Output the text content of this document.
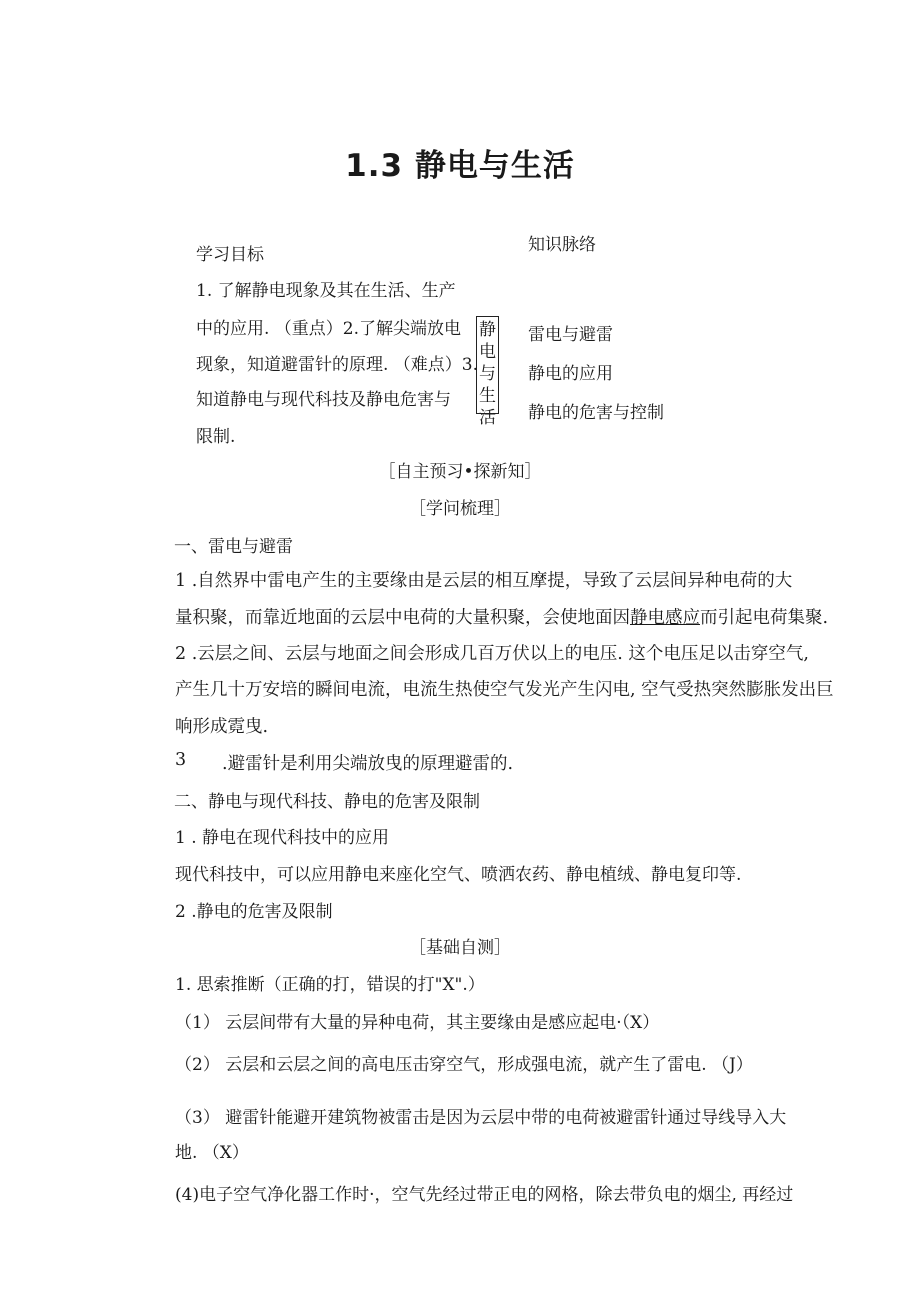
1.3 静电与生活
学习目标
1. 了解静电现象及其在生活、生产
中的应用. （重点）2.了解尖端放电
现象，知道避雷针的原理. （难点）3.
知道静电与现代科技及静电危害与
限制.
知识脉络
静电与生活
雷电与避雷
静电的应用
静电的危害与控制
［自主预习•探新知］
［学问梳理］
一、雷电与避雷
1 .自然界中雷电产生的主要缘由是云层的相互摩提，导致了云层间异种电荷的大
量积聚，而靠近地面的云层中电荷的大量积聚，会使地面因静电感应而引起电荷集聚.
2 .云层之间、云层与地面之间会形成几百万伏以上的电压. 这个电压足以击穿空气,
产生几十万安培的瞬间电流，电流生热使空气发光产生闪电, 空气受热突然膨胀发出巨
响形成霓曳.
3 .避雷针是利用尖端放曳的原理避雷的.
二、静电与现代科技、静电的危害及限制
1 . 静电在现代科技中的应用
现代科技中，可以应用静电来座化空气、喷洒农药、静电植绒、静电复印等.
2 .静电的危害及限制
［基础自测］
1. 思索推断（正确的打，错误的打"X".）
（1） 云层间带有大量的异种电荷，其主要缘由是感应起电·（X）
（2） 云层和云层之间的高电压击穿空气，形成强电流，就产生了雷电. （J）
（3） 避雷针能避开建筑物被雷击是因为云层中带的电荷被避雷针通过导线导入大
地. （X）
(4)电子空气净化器工作时·，空气先经过带正电的网格，除去带负电的烟尘, 再经过
